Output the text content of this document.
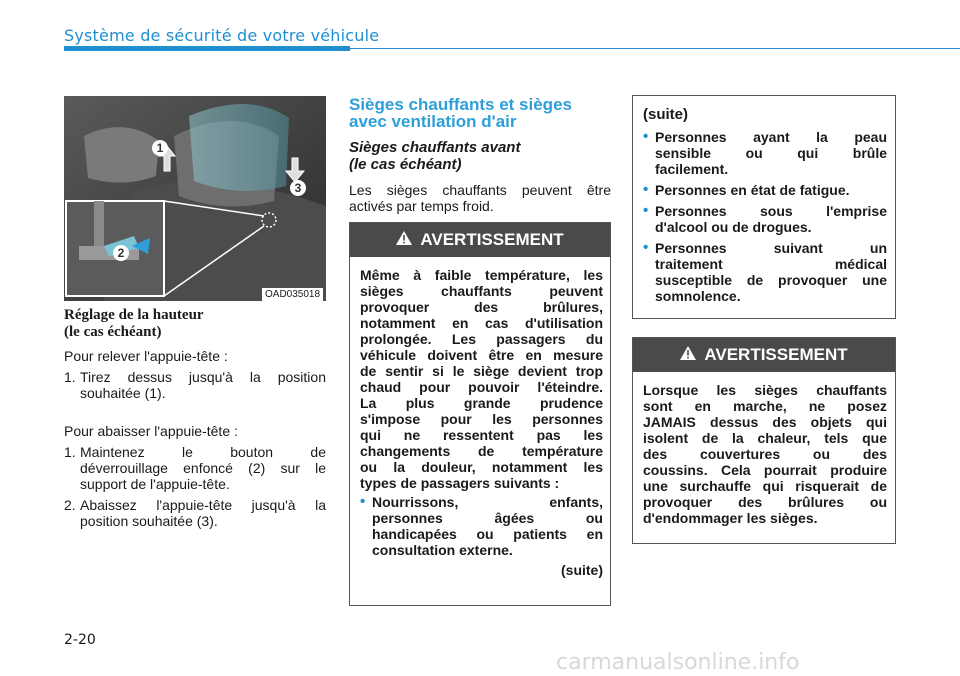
Système de sécurité de votre véhicule
1
2
3
OAD035018
Réglage de la hauteur
(le cas échéant)
Pour relever l'appuie-tête :
1. Tirez dessus jusqu'à la position
souhaitée (1).
Pour abaisser l'appuie-tête :
1. Maintenez le bouton de
déverrouillage enfoncé (2) sur le
support de l'appuie-tête.
2. Abaissez l'appuie-tête jusqu'à la
position souhaitée (3).
Sièges chauffants et sièges
avec ventilation d'air
Sièges chauffants avant
(le cas échéant)
Les sièges chauffants peuvent être
activés par temps froid.
AVERTISSEMENT
Même à faible température, les
sièges chauffants peuvent
provoquer des brûlures,
notamment en cas d'utilisation
prolongée. Les passagers du
véhicule doivent être en mesure
de sentir si le siège devient trop
chaud pour pouvoir l'éteindre.
La plus grande prudence
s'impose pour les personnes
qui ne ressentent pas les
changements de température
ou la douleur, notamment les
types de passagers suivants :
• Nourrissons, enfants,
personnes âgées ou
handicapées ou patients en
consultation externe.
(suite)
(suite)
• Personnes ayant la peau
sensible ou qui brûle
facilement.
• Personnes en état de fatigue.
• Personnes sous l'emprise
d'alcool ou de drogues.
• Personnes suivant un
traitement médical
susceptible de provoquer une
somnolence.
AVERTISSEMENT
Lorsque les sièges chauffants
sont en marche, ne posez
JAMAIS dessus des objets qui
isolent de la chaleur, tels que
des couvertures ou des
coussins. Cela pourrait produire
une surchauffe qui risquerait de
provoquer des brûlures ou
d'endommager les sièges.
2-20
carmanualsonline.info
